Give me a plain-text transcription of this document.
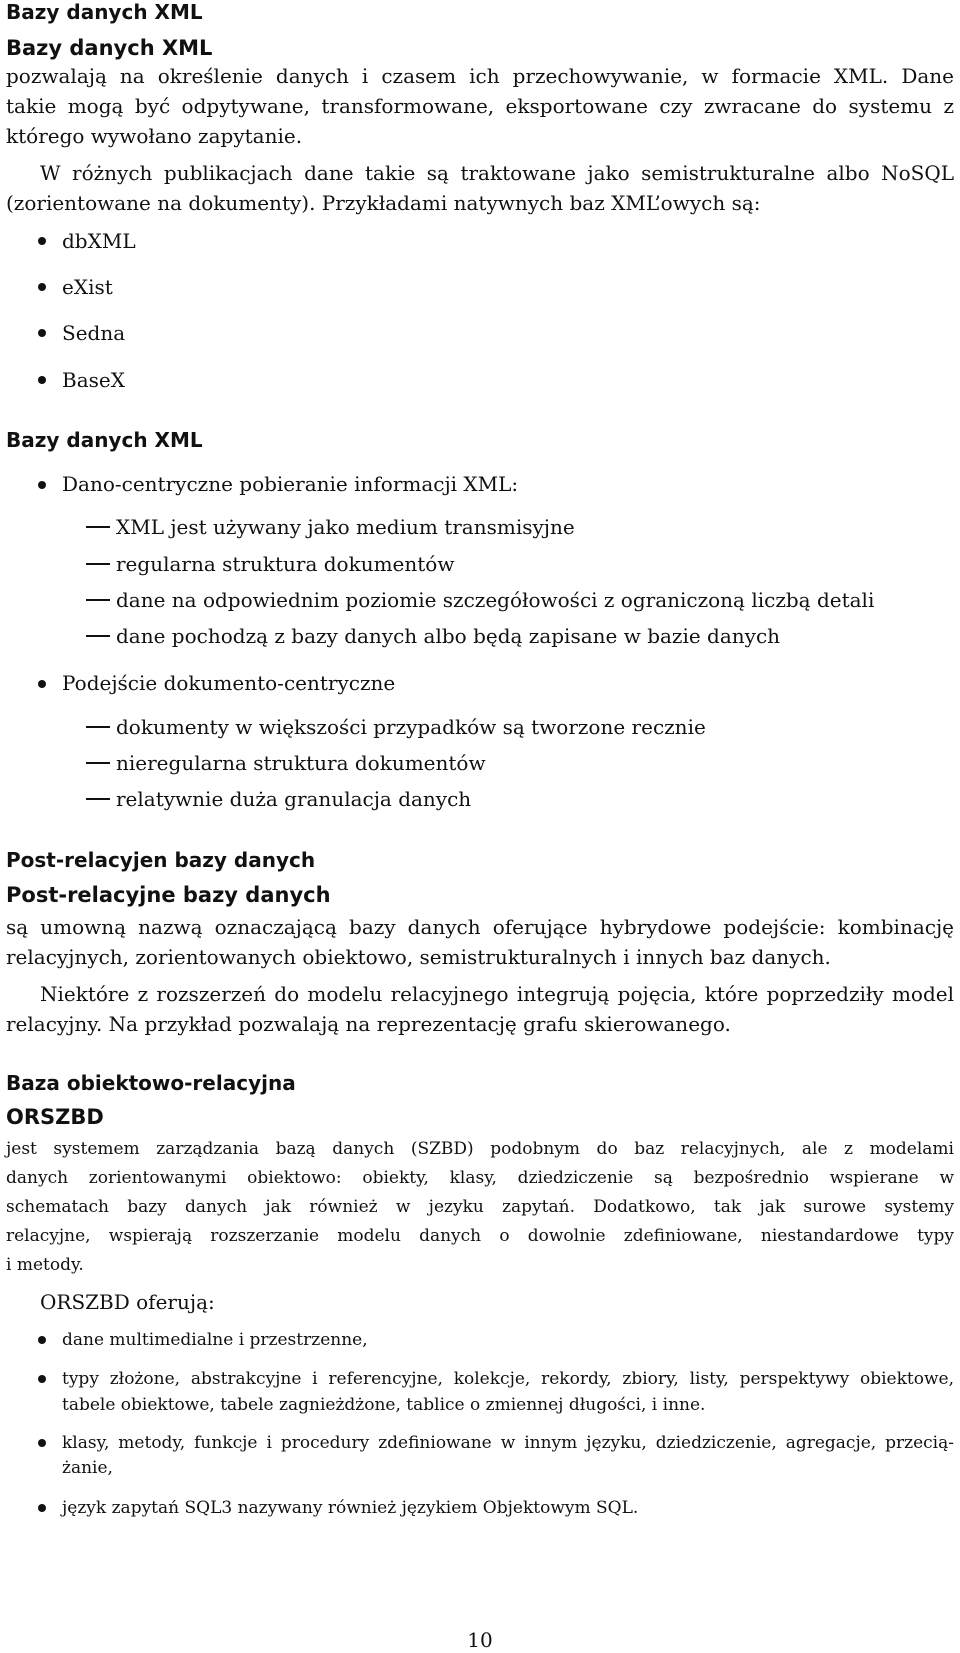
Bazy danych XML
Bazy danych XML
pozwalają na określenie danych i czasem ich przechowywanie, w formacie XML. Dane
takie mogą być odpytywane, transformowane, eksportowane czy zwracane do systemu z
którego wywołano zapytanie.
W różnych publikacjach dane takie są traktowane jako semistrukturalne albo NoSQL
(zorientowane na dokumenty). Przykładami natywnych baz XML’owych są:
dbXML
eXist
Sedna
BaseX
Bazy danych XML
Dano-centryczne pobieranie informacji XML:
XML jest używany jako medium transmisyjne
regularna struktura dokumentów
dane na odpowiednim poziomie szczegółowości z ograniczoną liczbą detali
dane pochodzą z bazy danych albo będą zapisane w bazie danych
Podejście dokumento-centryczne
dokumenty w większości przypadków są tworzone recznie
nieregularna struktura dokumentów
relatywnie duża granulacja danych
Post-relacyjen bazy danych
Post-relacyjne bazy danych
są umowną nazwą oznaczającą bazy danych oferujące hybrydowe podejście: kombinację
relacyjnych, zorientowanych obiektowo, semistrukturalnych i innych baz danych.
Niektóre z rozszerzeń do modelu relacyjnego integrują pojęcia, które poprzedziły model
relacyjny. Na przykład pozwalają na reprezentację grafu skierowanego.
Baza obiektowo-relacyjna
ORSZBD
jest systemem zarządzania bazą danych (SZBD) podobnym do baz relacyjnych, ale z modelami
danych zorientowanymi obiektowo: obiekty, klasy, dziedziczenie są bezpośrednio wspierane w
schematach bazy danych jak również w jezyku zapytań. Dodatkowo, tak jak surowe systemy
relacyjne, wspierają rozszerzanie modelu danych o dowolnie zdefiniowane, niestandardowe typy
i metody.
ORSZBD oferują:
dane multimedialne i przestrzenne,
typy złożone, abstrakcyjne i referencyjne, kolekcje, rekordy, zbiory, listy, perspektywy obiektowe,
tabele obiektowe, tabele zagnieżdżone, tablice o zmiennej długości, i inne.
klasy, metody, funkcje i procedury zdefiniowane w innym języku, dziedziczenie, agregacje, przecią-
żanie,
język zapytań SQL3 nazywany również językiem Objektowym SQL.
10
